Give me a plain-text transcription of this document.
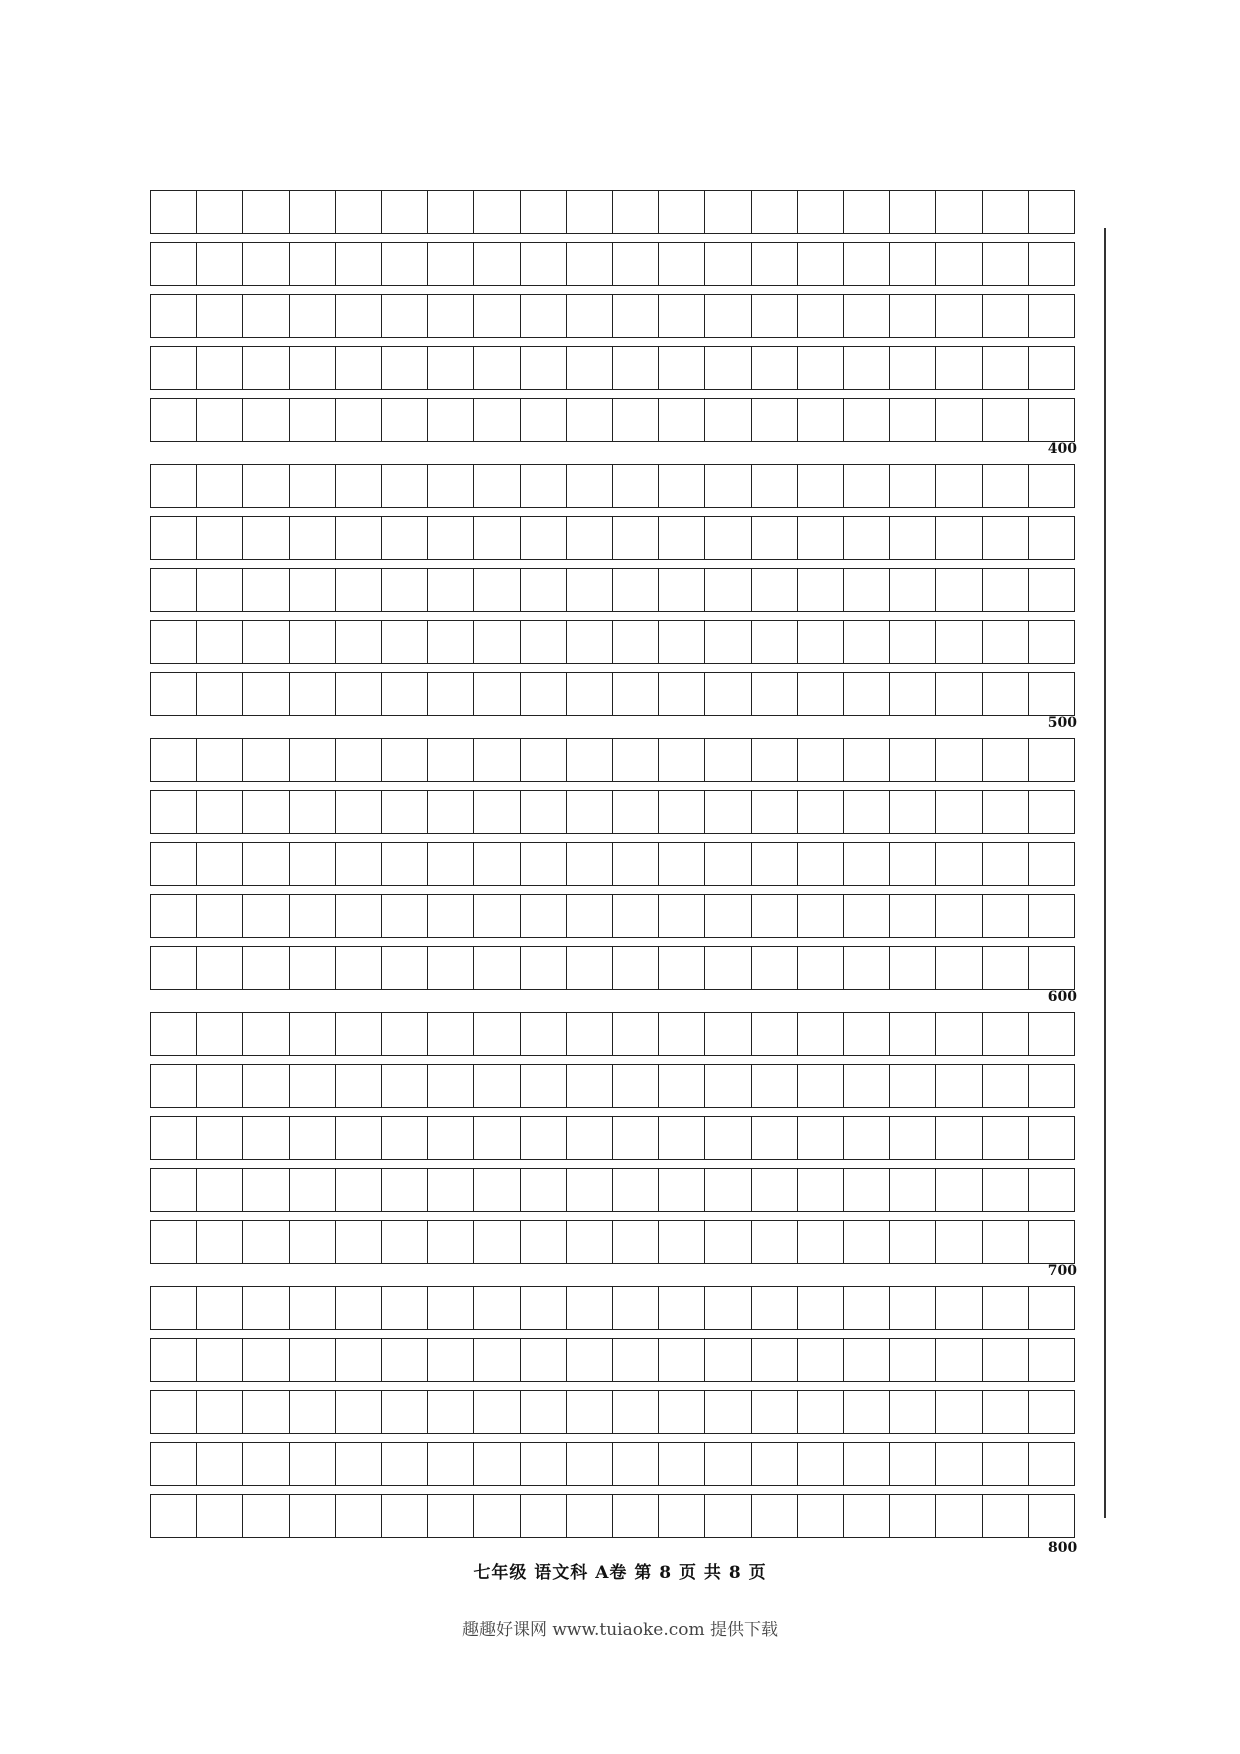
400
500
600
700
800
七年级 语文科 A卷 第 8 页 共 8 页
趣趣好课网 www.tuiaoke.com 提供下载
